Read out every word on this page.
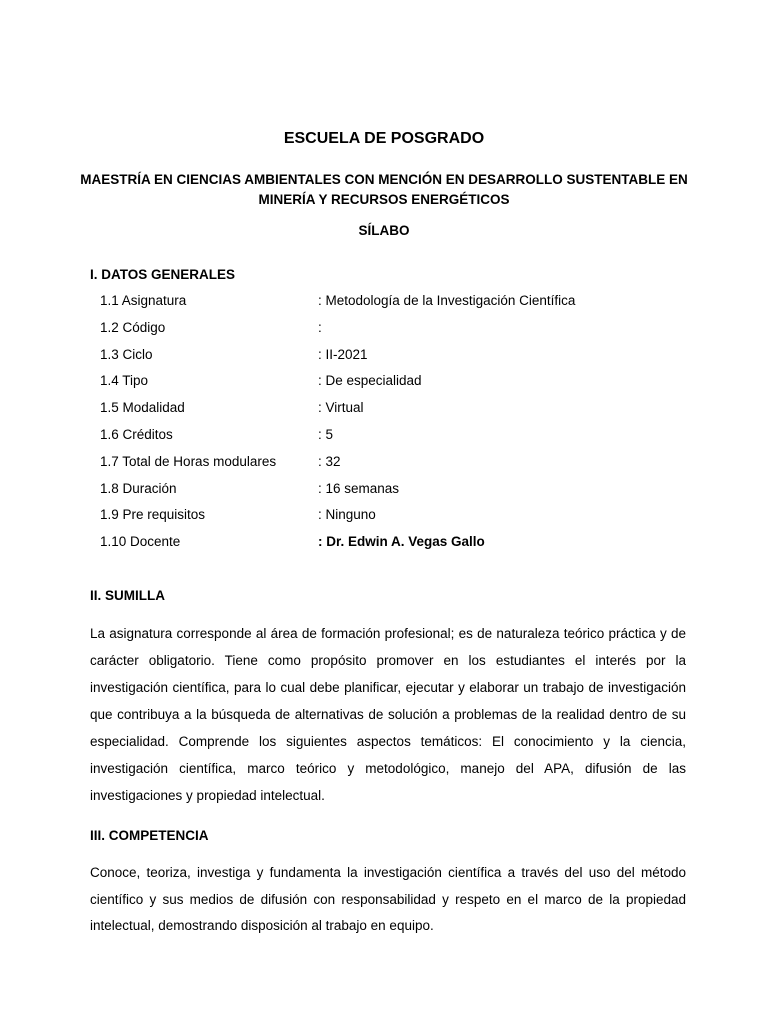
ESCUELA DE POSGRADO
MAESTRÍA EN CIENCIAS AMBIENTALES CON MENCIÓN EN DESARROLLO SUSTENTABLE EN
MINERÍA Y RECURSOS ENERGÉTICOS
SÍLABO
I. DATOS GENERALES
1.1 Asignatura	: Metodología de la Investigación Científica
1.2 Código	:
1.3 Ciclo	: II-2021
1.4 Tipo	: De especialidad
1.5 Modalidad	: Virtual
1.6 Créditos	: 5
1.7 Total de Horas modulares	: 32
1.8 Duración	: 16 semanas
1.9 Pre requisitos	: Ninguno
1.10 Docente	: Dr. Edwin A. Vegas Gallo
II. SUMILLA

La asignatura corresponde al área de formación profesional; es de naturaleza teórico práctica y de carácter obligatorio. Tiene como propósito promover en los estudiantes el interés por la investigación científica, para lo cual debe planificar, ejecutar y elaborar un trabajo de investigación que contribuya a la búsqueda de alternativas de solución a problemas de la realidad dentro de su especialidad. Comprende los siguientes aspectos temáticos: El conocimiento y la ciencia, investigación científica, marco teórico y metodológico, manejo del APA, difusión de las investigaciones y propiedad intelectual.

III. COMPETENCIA

Conoce, teoriza, investiga y fundamenta la investigación científica a través del uso del método científico y sus medios de difusión con responsabilidad y respeto en el marco de la propiedad intelectual, demostrando disposición al trabajo en equipo.
